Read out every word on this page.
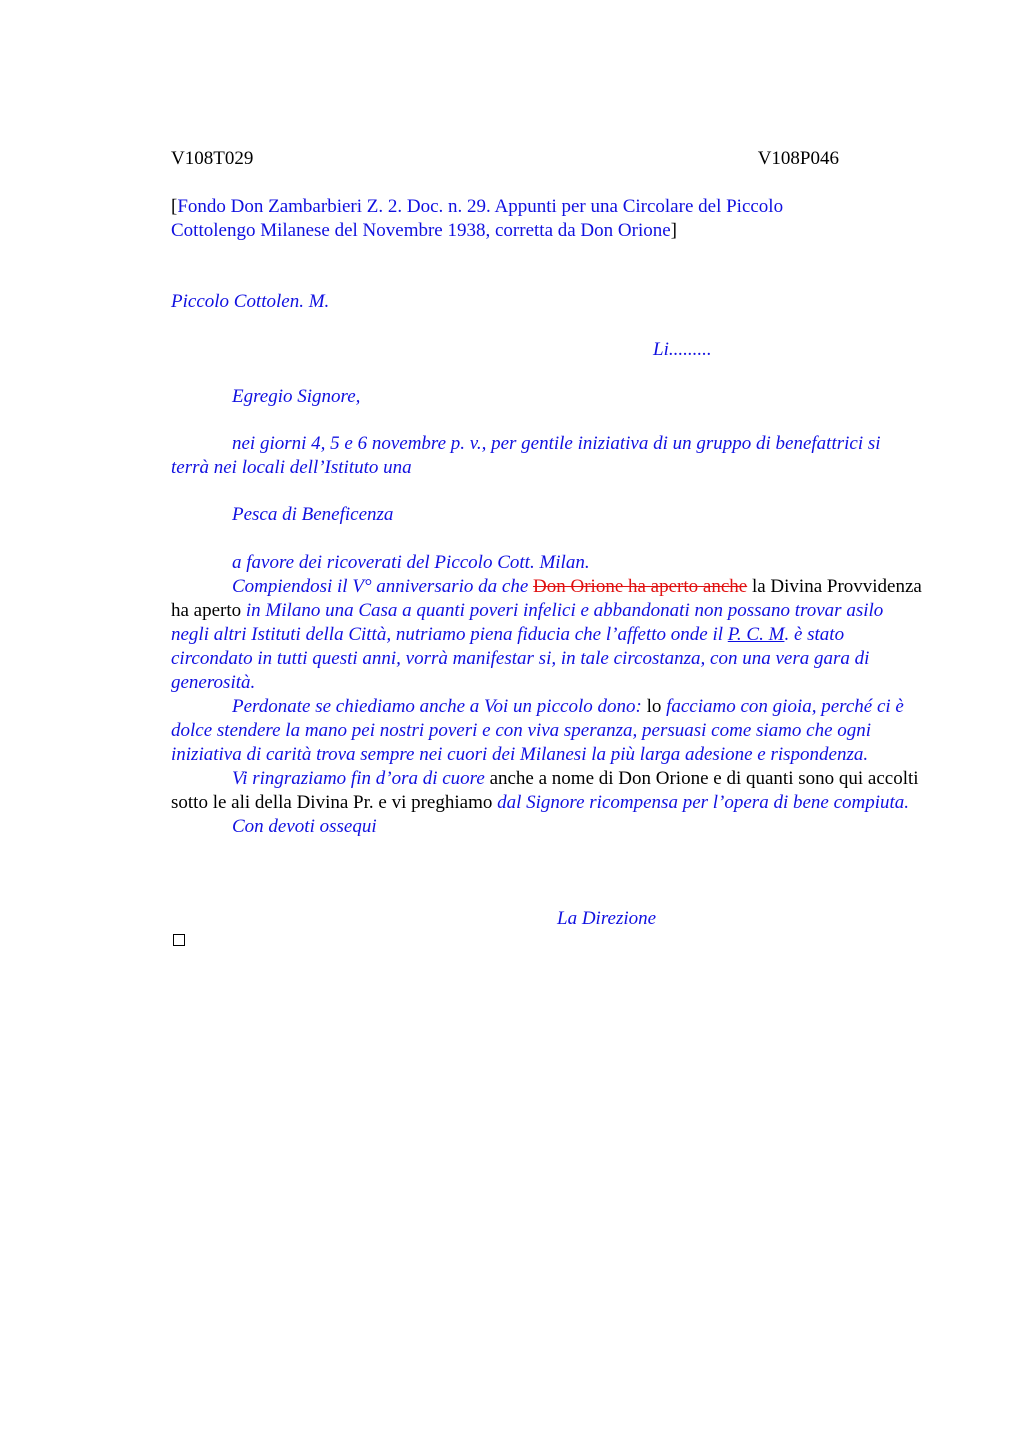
V108T029	V108P046
[Fondo Don Zambarbieri Z. 2. Doc. n. 29. Appunti per una Circolare del Piccolo Cottolengo Milanese del Novembre 1938, corretta da Don Orione]
Piccolo Cottolen. M.
Li.........
Egregio Signore,
nei giorni 4, 5 e 6 novembre p. v., per gentile iniziativa di un gruppo di benefattrici si terrà nei locali dell’Istituto una
Pesca di Beneficenza
a favore dei ricoverati del Piccolo Cott. Milan.
Compiendosi il V° anniversario da che Don Orione ha aperto anche la Divina Provvidenza ha aperto in Milano una Casa a quanti poveri infelici e abbandonati non possano trovar asilo negli altri Istituti della Città, nutriamo piena fiducia che l’affetto onde il P. C. M. è stato circondato in tutti questi anni, vorrà manifestar si, in tale circostanza, con una vera gara di generosità.
Perdonate se chiediamo anche a Voi un piccolo dono: lo facciamo con gioia, perché ci è dolce stendere la mano pei nostri poveri e con viva speranza, persuasi come siamo che ogni iniziativa di carità trova sempre nei cuori dei Milanesi la più larga adesione e rispondenza.
Vi ringraziamo fin d’ora di cuore anche a nome di Don Orione e di quanti sono qui accolti sotto le ali della Divina Pr. e vi preghiamo dal Signore ricompensa per l’opera di bene compiuta.
Con devoti ossequi
La Direzione
